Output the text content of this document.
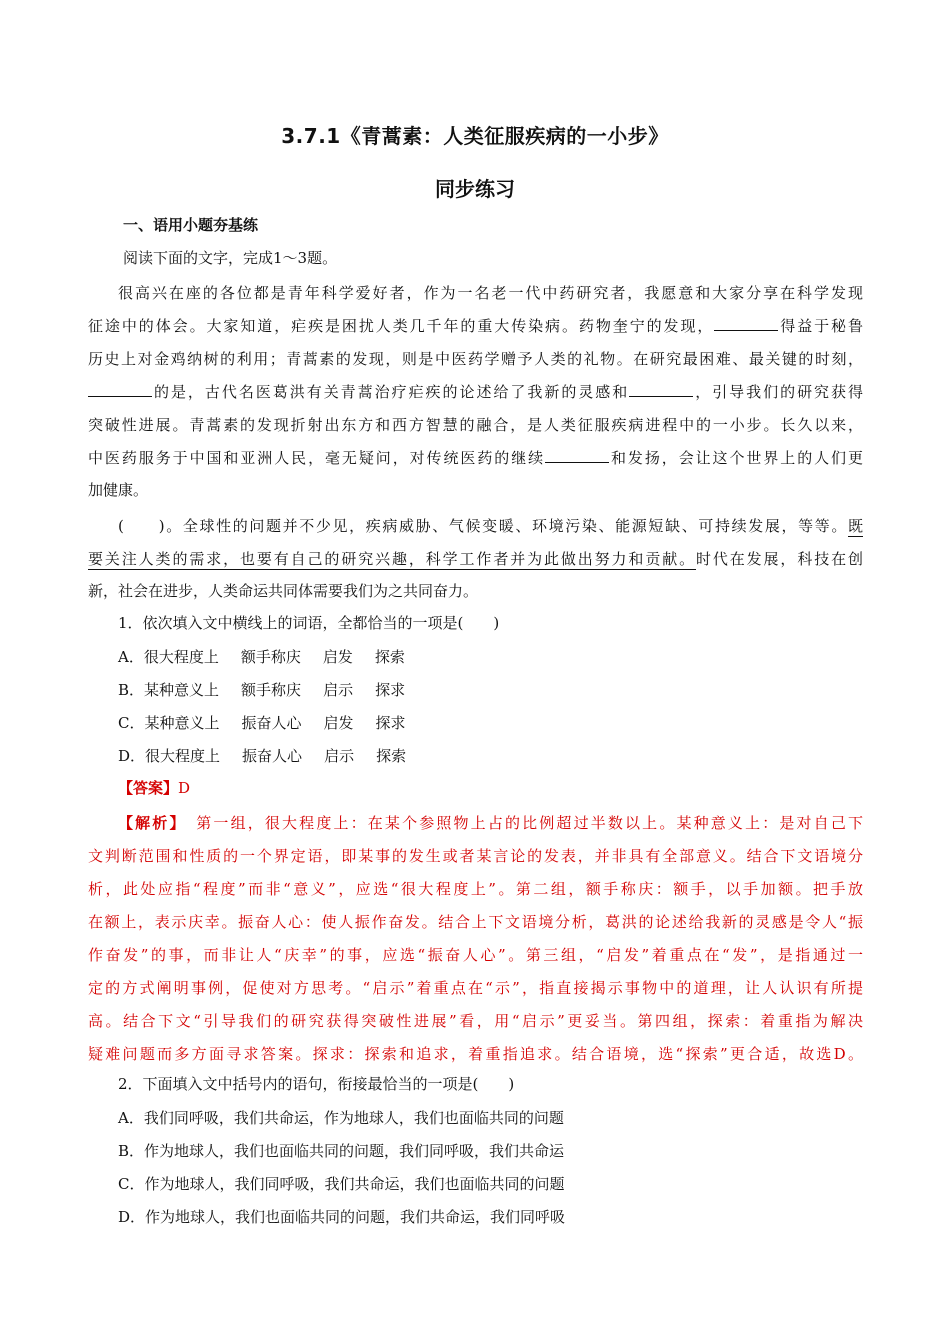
3.7.1《青蒿素：人类征服疾病的一小步》
同步练习
一、语用小题夯基练
阅读下面的文字，完成1～3题。
很高兴在座的各位都是青年科学爱好者，作为一名老一代中药研究者，我愿意和大家分享在科学发现
征途中的体会。大家知道，疟疾是困扰人类几千年的重大传染病。药物奎宁的发现，	得益于秘鲁
历史上对金鸡纳树的利用；青蒿素的发现，则是中医药学赠予人类的礼物。在研究最困难、最关键的时刻，
的是，古代名医葛洪有关青蒿治疗疟疾的论述给了我新的灵感和	，引导我们的研究获得
突破性进展。青蒿素的发现折射出东方和西方智慧的融合，是人类征服疾病进程中的一小步。长久以来，
中医药服务于中国和亚洲人民，毫无疑问，对传统医药的继续	和发扬，会让这个世界上的人们更
加健康。
(　　)。全球性的问题并不少见，疾病威胁、气候变暖、环境污染、能源短缺、可持续发展，等等。既
要关注人类的需求，也要有自己的研究兴趣，科学工作者并为此做出努力和贡献。时代在发展，科技在创
新，社会在进步，人类命运共同体需要我们为之共同奋力。
1．依次填入文中横线上的词语，全都恰当的一项是(　　)
A．很大程度上 额手称庆 启发 探索
B．某种意义上 额手称庆 启示 探求
C．某种意义上 振奋人心 启发 探求
D．很大程度上 振奋人心 启示 探索
【答案】D
【解析】　 第一组，很大程度上：在某个参照物上占的比例超过半数以上。某种意义上：是对自己下
文判断范围和性质的一个界定语，即某事的发生或者某言论的发表，并非具有全部意义。结合下文语境分
析，此处应指“程度”而非“意义”，应选“很大程度上”。第二组，额手称庆：额手，以手加额。把手放
在额上，表示庆幸。振奋人心：使人振作奋发。结合上下文语境分析，葛洪的论述给我新的灵感是令人“振
作奋发”的事，而非让人“庆幸”的事，应选“振奋人心”。第三组，“启发”着重点在“发”，是指通过一
定的方式阐明事例，促使对方思考。“启示”着重点在“示”，指直接揭示事物中的道理，让人认识有所提
高。结合下文“引导我们的研究获得突破性进展”看，用“启示”更妥当。第四组，探索：着重指为解决
疑难问题而多方面寻求答案。探求：探索和追求，着重指追求。结合语境，选“探索”更合适，故选D。
2．下面填入文中括号内的语句，衔接最恰当的一项是(　　)
A．我们同呼吸，我们共命运，作为地球人，我们也面临共同的问题
B．作为地球人，我们也面临共同的问题，我们同呼吸，我们共命运
C．作为地球人，我们同呼吸，我们共命运，我们也面临共同的问题
D．作为地球人，我们也面临共同的问题，我们共命运，我们同呼吸
